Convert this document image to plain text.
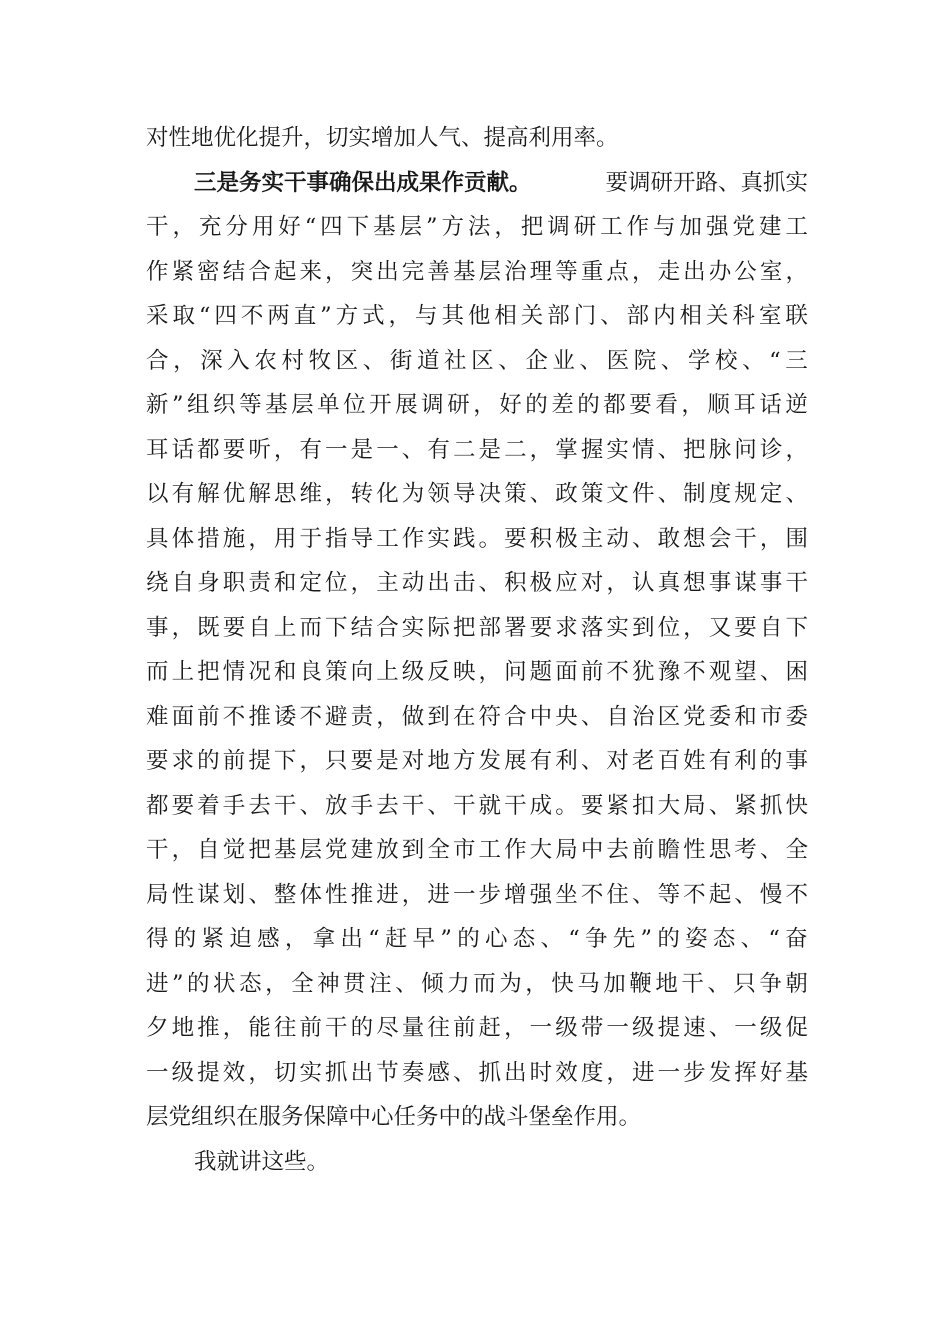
对性地优化提升，切实增加人气、提高利用率。
三是务实干事确保出成果作贡献。	要调研开路、真抓实
干 ， 充 分 用 好 “ 四 下 基 层 ” 方 法 ， 把 调 研 工 作 与 加 强 党 建 工
作 紧 密 结 合 起 来 ， 突 出 完 善 基 层 治 理 等 重 点 ， 走 出 办 公 室 ，
采 取 “ 四 不 两 直 ” 方 式 ， 与 其 他 相 关 部 门 、 部 内 相 关 科 室 联
合 ， 深 入 农 村 牧 区 、 街 道 社 区 、 企 业 、 医 院 、 学 校 、 “ 三
新 ” 组 织 等 基 层 单 位 开 展 调 研 ， 好 的 差 的 都 要 看 ， 顺 耳 话 逆
耳 话 都 要 听 ， 有 一 是 一 、 有 二 是 二 ， 掌 握 实 情 、 把 脉 问 诊 ，
以 有 解 优 解 思 维 ， 转 化 为 领 导 决 策 、 政 策 文 件 、 制 度 规 定 、
具 体 措 施 ， 用 于 指 导 工 作 实 践 。 要 积 极 主 动 、 敢 想 会 干 ， 围
绕 自 身 职 责 和 定 位 ， 主 动 出 击 、 积 极 应 对 ， 认 真 想 事 谋 事 干
事 ， 既 要 自 上 而 下 结 合 实 际 把 部 署 要 求 落 实 到 位 ， 又 要 自 下
而 上 把 情 况 和 良 策 向 上 级 反 映 ， 问 题 面 前 不 犹 豫 不 观 望 、 困
难 面 前 不 推 诿 不 避 责 ， 做 到 在 符 合 中 央 、 自 治 区 党 委 和 市 委
要 求 的 前 提 下 ， 只 要 是 对 地 方 发 展 有 利 、 对 老 百 姓 有 利 的 事
都 要 着 手 去 干 、 放 手 去 干 、 干 就 干 成 。 要 紧 扣 大 局 、 紧 抓 快
干 ， 自 觉 把 基 层 党 建 放 到 全 市 工 作 大 局 中 去 前 瞻 性 思 考 、 全
局 性 谋 划 、 整 体 性 推 进 ， 进 一 步 增 强 坐 不 住 、 等 不 起 、 慢 不
得 的 紧 迫 感 ， 拿 出 “ 赶 早 ” 的 心 态 、 “ 争 先 ” 的 姿 态 、 “ 奋
进 ” 的 状 态 ， 全 神 贯 注 、 倾 力 而 为 ， 快 马 加 鞭 地 干 、 只 争 朝
夕 地 推 ， 能 往 前 干 的 尽 量 往 前 赶 ， 一 级 带 一 级 提 速 、 一 级 促
一 级 提 效 ， 切 实 抓 出 节 奏 感 、 抓 出 时 效 度 ， 进 一 步 发 挥 好 基
层党组织在服务保障中心任务中的战斗堡垒作用。
我就讲这些。
